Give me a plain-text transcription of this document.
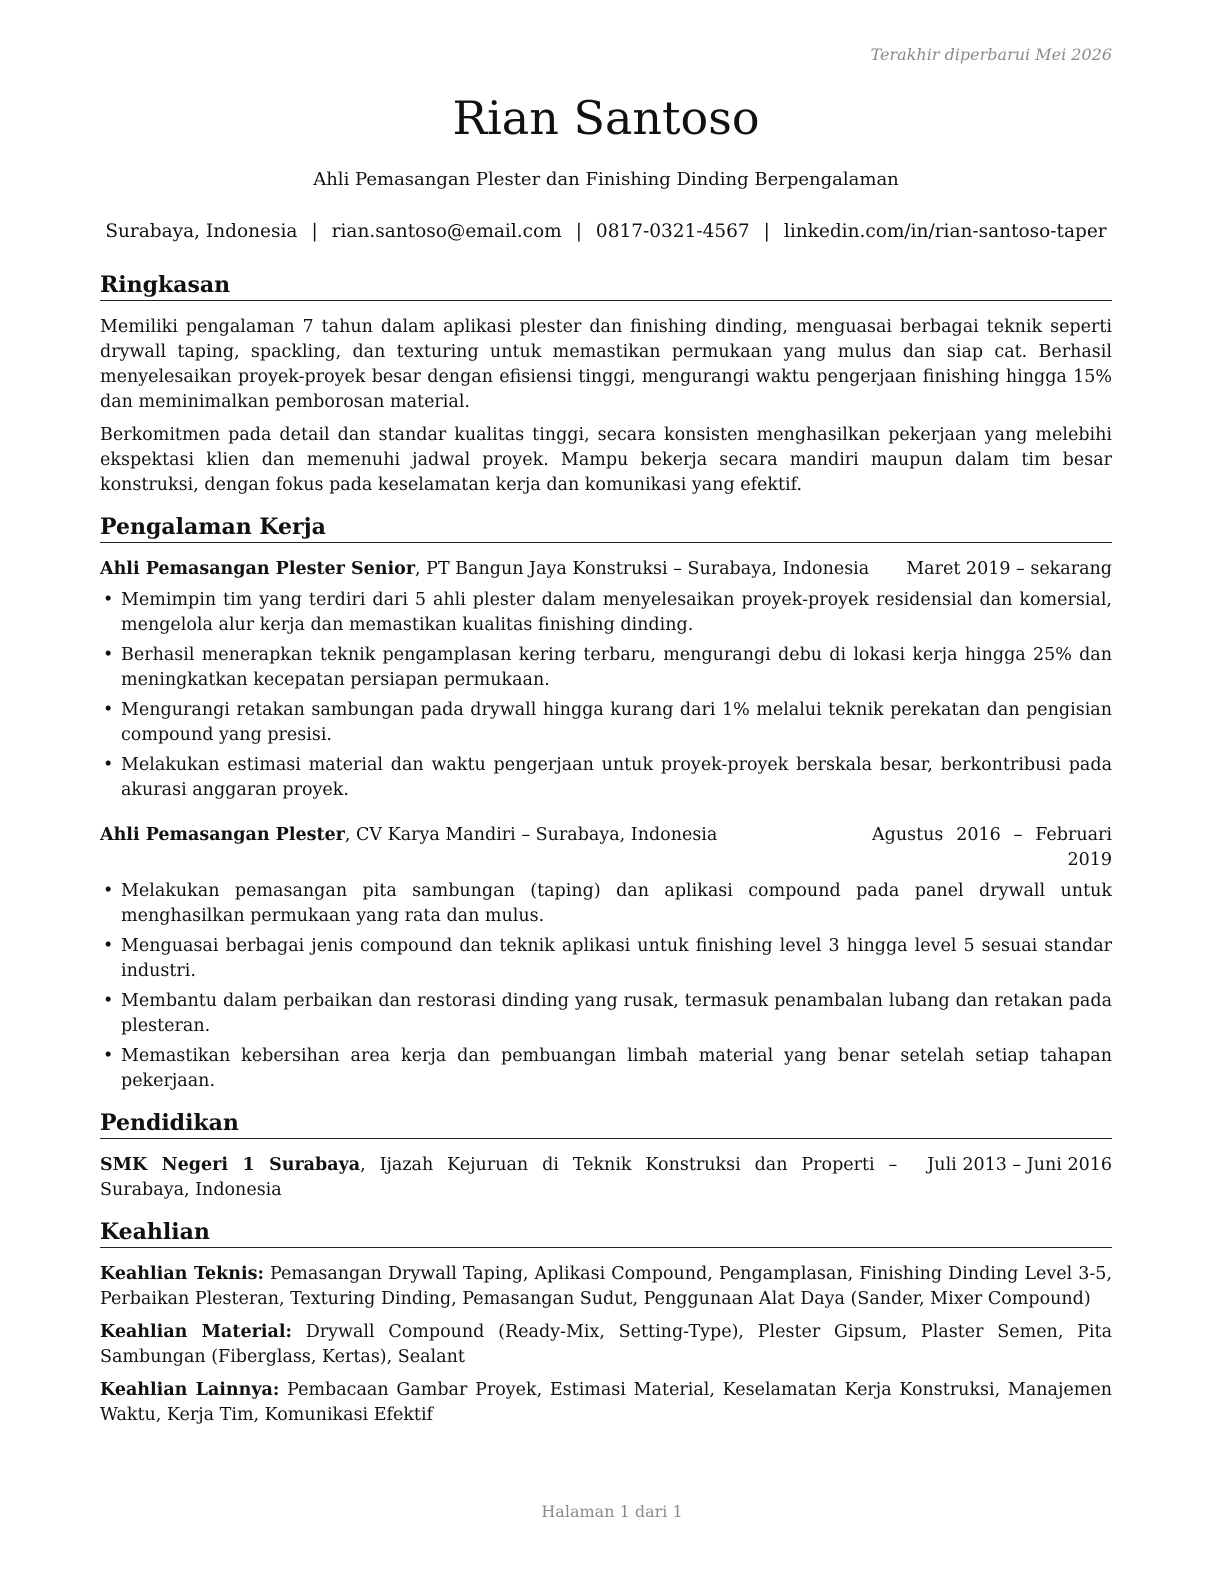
Terakhir diperbarui Mei 2026
Rian Santoso
Ahli Pemasangan Plester dan Finishing Dinding Berpengalaman
Surabaya, Indonesia | rian.santoso@email.com | 0817-0321-4567 | linkedin.com/in/rian-santoso-taper
Ringkasan

Memiliki pengalaman 7 tahun dalam aplikasi plester dan finishing dinding, menguasai berbagai teknik seperti drywall taping, spackling, dan texturing untuk memastikan permukaan yang mulus dan siap cat. Berhasil menyelesaikan proyek-proyek besar dengan efisiensi tinggi, mengurangi waktu pengerjaan finishing hingga 15% dan meminimalkan pemborosan material.

Berkomitmen pada detail dan standar kualitas tinggi, secara konsisten menghasilkan pekerjaan yang melebihi ekspektasi klien dan memenuhi jadwal proyek. Mampu bekerja secara mandiri maupun dalam tim besar konstruksi, dengan fokus pada keselamatan kerja dan komunikasi yang efektif.

Pengalaman Kerja
Ahli Pemasangan Plester Senior, PT Bangun Jaya Konstruksi – Surabaya, Indonesia	Maret 2019 – sekarang
• Memimpin tim yang terdiri dari 5 ahli plester dalam menyelesaikan proyek-proyek residensial dan komersial, mengelola alur kerja dan memastikan kualitas finishing dinding.
• Berhasil menerapkan teknik pengamplasan kering terbaru, mengurangi debu di lokasi kerja hingga 25% dan meningkatkan kecepatan persiapan permukaan.
• Mengurangi retakan sambungan pada drywall hingga kurang dari 1% melalui teknik perekatan dan pengisian compound yang presisi.
• Melakukan estimasi material dan waktu pengerjaan untuk proyek-proyek berskala besar, berkontribusi pada akurasi anggaran proyek.
Ahli Pemasangan Plester, CV Karya Mandiri – Surabaya, Indonesia	Agustus 2016 – Februari 2019
• Melakukan pemasangan pita sambungan (taping) dan aplikasi compound pada panel drywall untuk menghasilkan permukaan yang rata dan mulus.
• Menguasai berbagai jenis compound dan teknik aplikasi untuk finishing level 3 hingga level 5 sesuai standar industri.
• Membantu dalam perbaikan dan restorasi dinding yang rusak, termasuk penambalan lubang dan retakan pada plesteran.
• Memastikan kebersihan area kerja dan pembuangan limbah material yang benar setelah setiap tahapan pekerjaan.
Pendidikan
SMK Negeri 1 Surabaya, Ijazah Kejuruan di Teknik Konstruksi dan Properti – Surabaya, Indonesia
Juli 2013 – Juni 2016
Keahlian

Keahlian Teknis: Pemasangan Drywall Taping, Aplikasi Compound, Pengamplasan, Finishing Dinding Level 3-5, Perbaikan Plesteran, Texturing Dinding, Pemasangan Sudut, Penggunaan Alat Daya (Sander, Mixer Compound)

Keahlian Material: Drywall Compound (Ready-Mix, Setting-Type), Plester Gipsum, Plaster Semen, Pita Sambungan (Fiberglass, Kertas), Sealant

Keahlian Lainnya: Pembacaan Gambar Proyek, Estimasi Material, Keselamatan Kerja Konstruksi, Manajemen Waktu, Kerja Tim, Komunikasi Efektif

Halaman 1 dari 1
